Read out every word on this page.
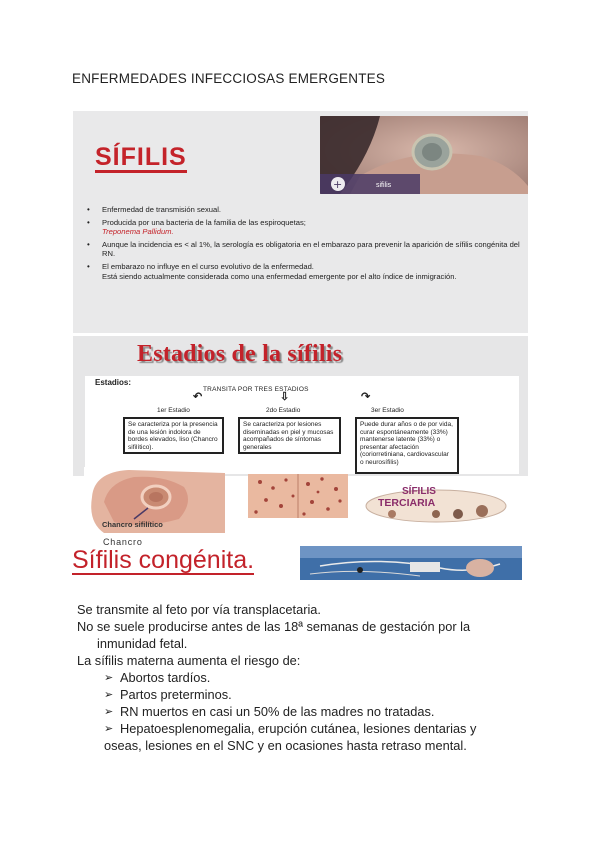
ENFERMEDADES INFECCIOSAS EMERGENTES
SÍFILIS
+	sifilis
• Enfermedad de transmisión sexual.
• Producida por una bacteria de la familia de las espiroquetas;
Treponema Pallidum.
• Aunque la incidencia es < al 1%, la serología es obligatoria en el embarazo para prevenir la aparición de sífilis congénita del RN.
• El embarazo no influye en el curso evolutivo de la enfermedad.
Está siendo actualmente considerada como una enfermedad emergente por el alto índice de inmigración.
Estadios de la sífilis
Estadios:
TRANSITA POR TRES ESTADIOS
↶	⇩	↷
1er Estadio	2do Estadio	3er Estadio
Se caracteriza por la presencia de una lesión indolora de bordes elevados, liso (Chancro sifilítico).
Se caracteriza por lesiones diseminadas en piel y mucosas acompañados de síntomas generales
Puede durar años o de por vida, curar espontáneamente (33%) mantenerse latente (33%) o presentar afectación (coriorretiniana, cardiovascular o neurosífilis)
SÍFILIS
TERCIARIA
Chancro sifilítico
Chancro
Sífilis congénita.

Se transmite al feto por vía transplacetaria.

No se suele producirse antes de las 18ª semanas de gestación por la

inmunidad fetal.

La sífilis materna aumenta el riesgo de:

➢ Abortos tardíos.
➢ Partos preterminos.
➢ RN muertos en casi un 50% de las madres no tratadas.
➢ Hepatoesplenomegalia, erupción cutánea, lesiones dentarias y
oseas, lesiones en el SNC y en ocasiones hasta retraso mental.
